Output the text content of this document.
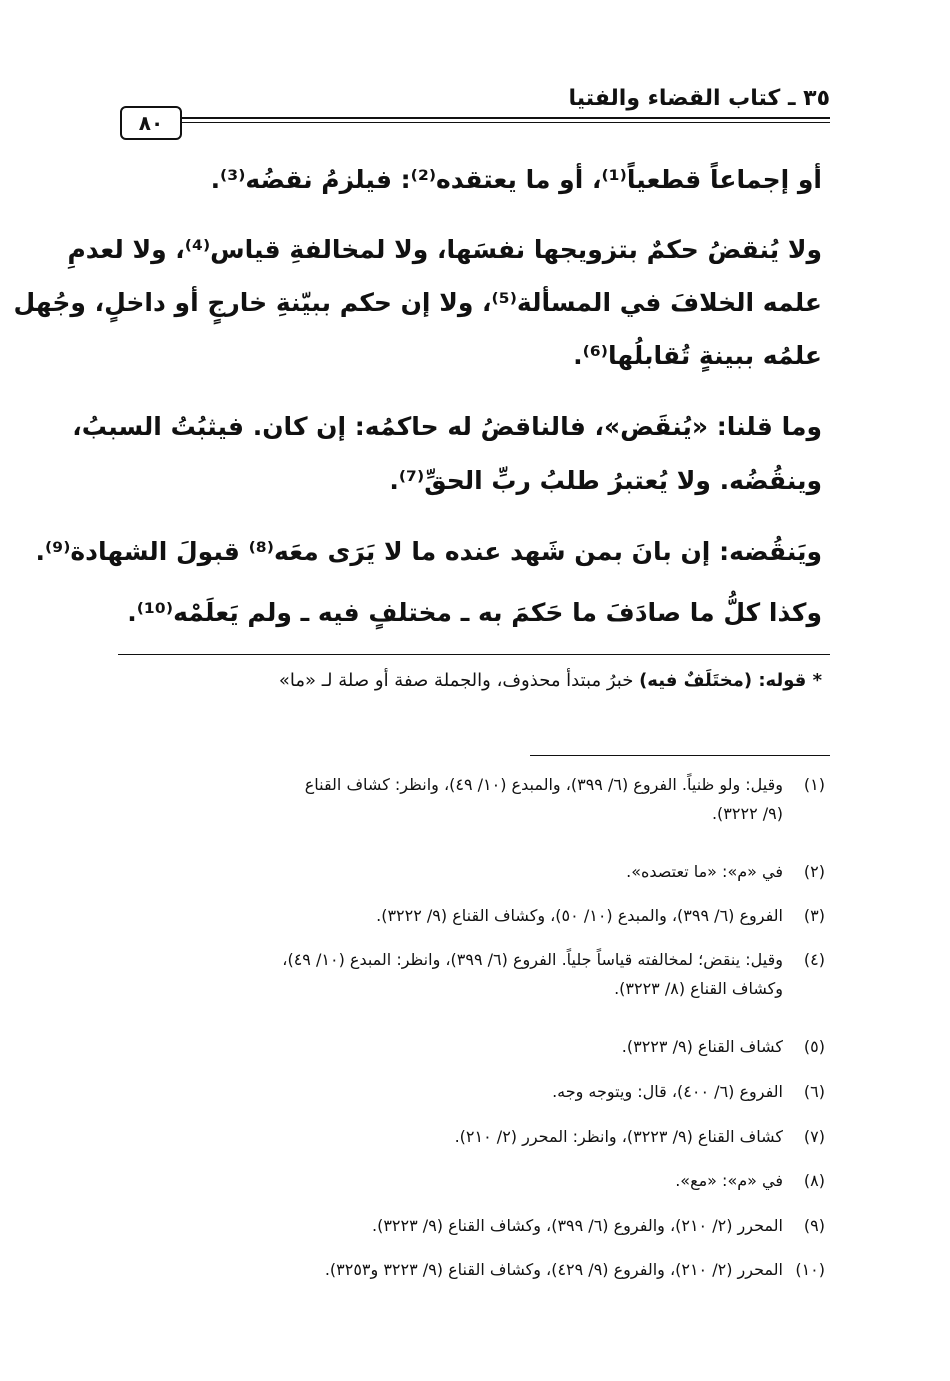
٣٥ ـ كتاب القضاء والفتيا
٨٠
أو إجماعاً قطعياً⁽¹⁾، أو ما يعتقده⁽²⁾: فيلزمُ نقضُه⁽³⁾.
ولا يُنقضُ حكمٌ بتزويجها نفسَها، ولا لمخالفةِ قياس⁽⁴⁾، ولا لعدمِ
علمه الخلافَ في المسألة⁽⁵⁾، ولا إن حكم ببيّنةِ خارجٍ أو داخلٍ، وجُهل
علمُه ببينةٍ تُقابلُها⁽⁶⁾.
وما قلنا: «يُنقَض»، فالناقضُ له حاكمُه: إن كان. فيثبُتُ السببُ،
وينقُضُه. ولا يُعتبرُ طلبُ ربِّ الحقِّ⁽⁷⁾.
ويَنقُضه: إن بانَ بمن شَهد عنده ما لا يَرَى معَه⁽⁸⁾ قبولَ الشهادة⁽⁹⁾.
وكذا كلُّ ما صادَفَ ما حَكمَ به ـ مختلفٍ فيه ـ ولم يَعلَمْه⁽¹⁰⁾.
* قوله: (مختَلَفٌ فيه) خبرُ مبتدأ محذوف، والجملة صفة أو صلة لـ «ما»
(١)وقيل: ولو ظنياً. الفروع (٦/ ٣٩٩)، والمبدع (١٠/ ٤٩)، وانظر: كشاف القناع
(٩/ ٣٢٢٢).
(٢)في «م»: «ما تعتصده».
(٣)الفروع (٦/ ٣٩٩)، والمبدع (١٠/ ٥٠)، وكشاف القناع (٩/ ٣٢٢٢).
(٤)وقيل: ينقض؛ لمخالفته قياساً جلياً. الفروع (٦/ ٣٩٩)، وانظر: المبدع (١٠/ ٤٩)،
وكشاف القناع (٨/ ٣٢٢٣).
(٥)كشاف القناع (٩/ ٣٢٢٣).
(٦)الفروع (٦/ ٤٠٠)، قال: ويتوجه وجه.
(٧)كشاف القناع (٩/ ٣٢٢٣)، وانظر: المحرر (٢/ ٢١٠).
(٨)في «م»: «مع».
(٩)المحرر (٢/ ٢١٠)، والفروع (٦/ ٣٩٩)، وكشاف القناع (٩/ ٣٢٢٣).
(١٠)المحرر (٢/ ٢١٠)، والفروع (٩/ ٤٢٩)، وكشاف القناع (٩/ ٣٢٢٣ و٣٢٥٣).
